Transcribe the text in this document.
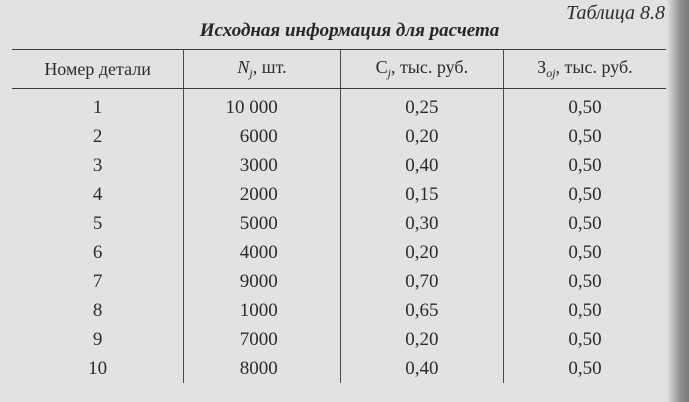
Таблица 8.8
Исходная информация для расчета
Номер детали	$N_j$, шт.	$C_j$, тыс. руб.	$З_{oj}$, тыс. руб.
1	10 000	0,25	0,50
2	6000	0,20	0,50
3	3000	0,40	0,50
4	2000	0,15	0,50
5	5000	0,30	0,50
6	4000	0,20	0,50
7	9000	0,70	0,50
8	1000	0,65	0,50
9	7000	0,20	0,50
10	8000	0,40	0,50
